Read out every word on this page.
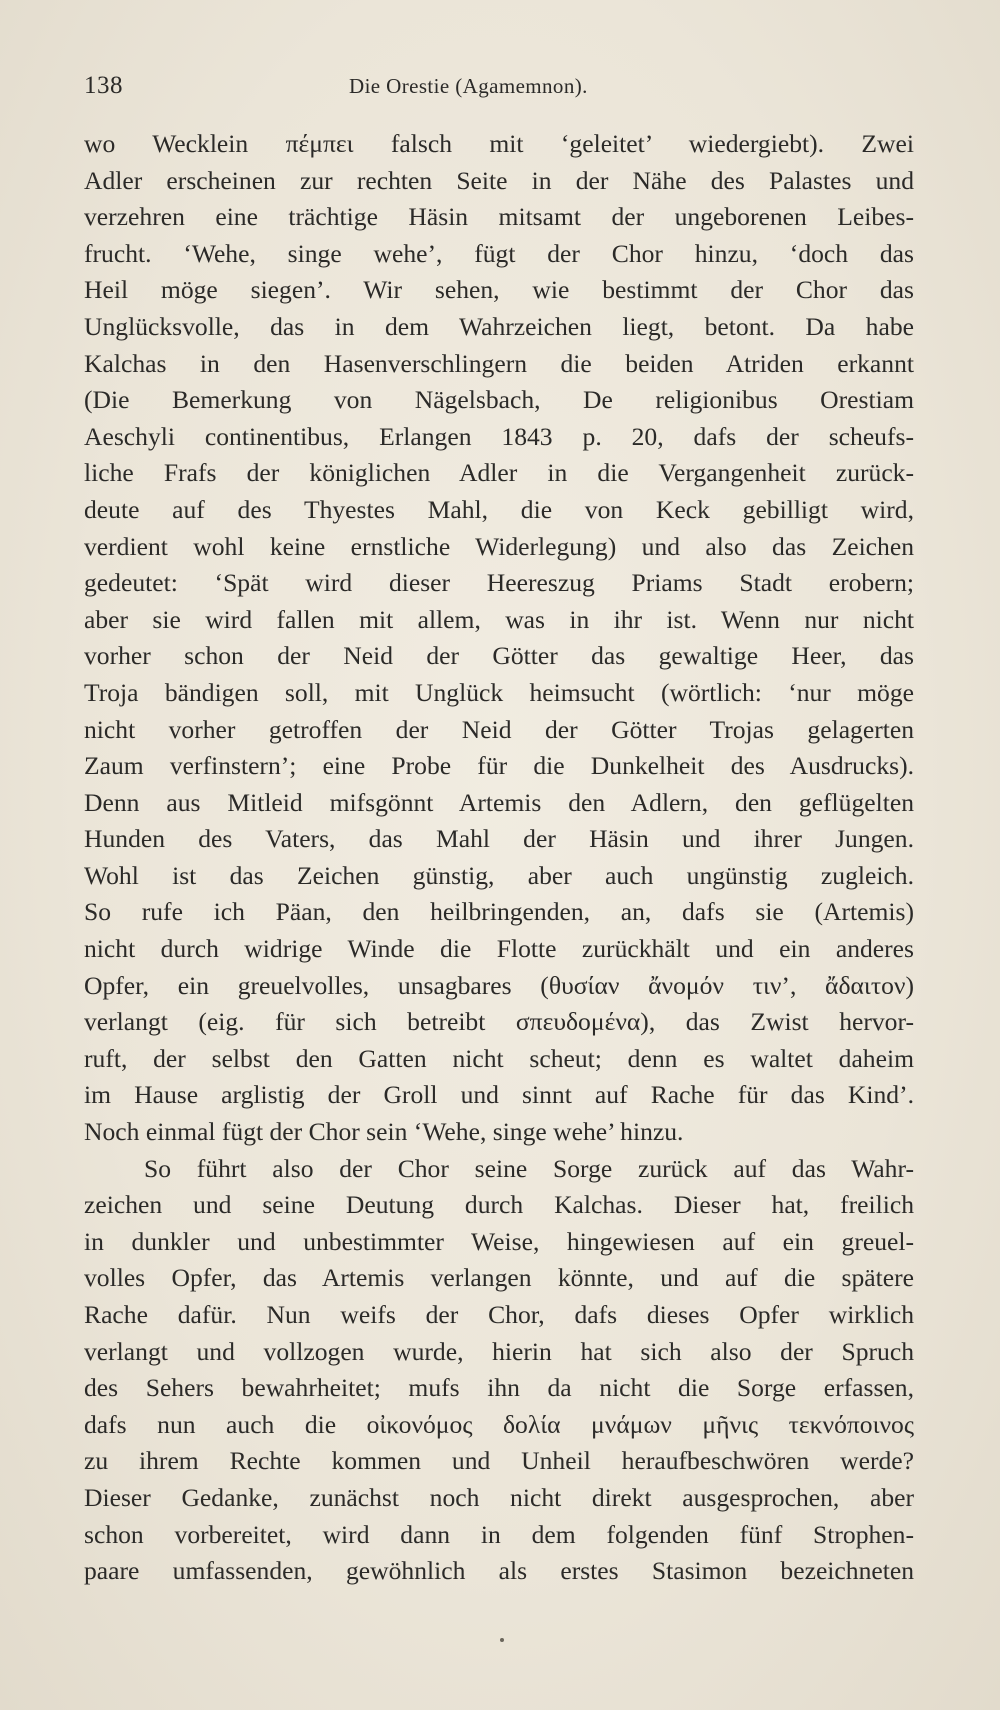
138	Die Orestie (Agamemnon).
wo Wecklein πέμπει falsch mit ‘geleitet’ wiedergiebt). Zwei
Adler erscheinen zur rechten Seite in der Nähe des Palastes und
verzehren eine trächtige Häsin mitsamt der ungeborenen Leibes-
frucht. ‘Wehe, singe wehe’, fügt der Chor hinzu, ‘doch das
Heil möge siegen’. Wir sehen, wie bestimmt der Chor das
Unglücksvolle, das in dem Wahrzeichen liegt, betont. Da habe
Kalchas in den Hasenverschlingern die beiden Atriden erkannt
(Die Bemerkung von Nägelsbach, De religionibus Orestiam
Aeschyli continentibus, Erlangen 1843 p. 20, dafs der scheufs-
liche Frafs der königlichen Adler in die Vergangenheit zurück-
deute auf des Thyestes Mahl, die von Keck gebilligt wird,
verdient wohl keine ernstliche Widerlegung) und also das Zeichen
gedeutet: ‘Spät wird dieser Heereszug Priams Stadt erobern;
aber sie wird fallen mit allem, was in ihr ist. Wenn nur nicht
vorher schon der Neid der Götter das gewaltige Heer, das
Troja bändigen soll, mit Unglück heimsucht (wörtlich: ‘nur möge
nicht vorher getroffen der Neid der Götter Trojas gelagerten
Zaum verfinstern’; eine Probe für die Dunkelheit des Ausdrucks).
Denn aus Mitleid mifsgönnt Artemis den Adlern, den geflügelten
Hunden des Vaters, das Mahl der Häsin und ihrer Jungen.
Wohl ist das Zeichen günstig, aber auch ungünstig zugleich.
So rufe ich Päan, den heilbringenden, an, dafs sie (Artemis)
nicht durch widrige Winde die Flotte zurückhält und ein anderes
Opfer, ein greuelvolles, unsagbares (θυσίαν ἄνομόν τιν’, ἄδαιτον)
verlangt (eig. für sich betreibt σπευδομένα), das Zwist hervor-
ruft, der selbst den Gatten nicht scheut; denn es waltet daheim
im Hause arglistig der Groll und sinnt auf Rache für das Kind’.
Noch einmal fügt der Chor sein ‘Wehe, singe wehe’ hinzu.
So führt also der Chor seine Sorge zurück auf das Wahr-
zeichen und seine Deutung durch Kalchas. Dieser hat, freilich
in dunkler und unbestimmter Weise, hingewiesen auf ein greuel-
volles Opfer, das Artemis verlangen könnte, und auf die spätere
Rache dafür. Nun weifs der Chor, dafs dieses Opfer wirklich
verlangt und vollzogen wurde, hierin hat sich also der Spruch
des Sehers bewahrheitet; mufs ihn da nicht die Sorge erfassen,
dafs nun auch die οἰκονόμος δολία μνάμων μῆνις τεκνόποινος
zu ihrem Rechte kommen und Unheil heraufbeschwören werde?
Dieser Gedanke, zunächst noch nicht direkt ausgesprochen, aber
schon vorbereitet, wird dann in dem folgenden fünf Strophen-
paare umfassenden, gewöhnlich als erstes Stasimon bezeichneten
